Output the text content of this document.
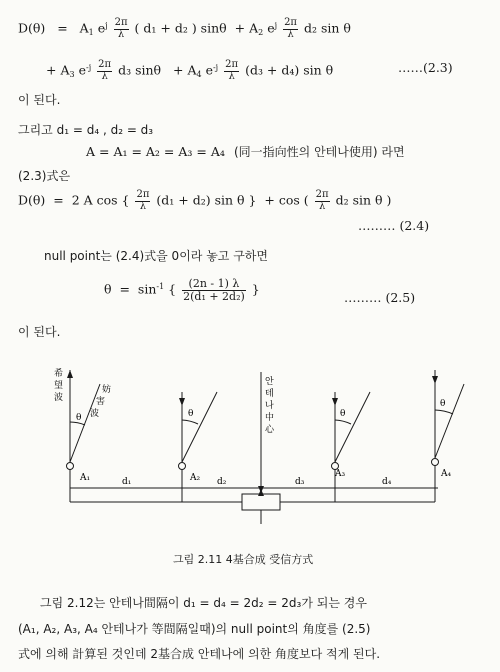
D(θ) = A1 $e^j \frac{2\pi}{\lambda}$ ( d₁ + d₂ ) sinθ + A2 $e^j \frac{2\pi}{\lambda} d_2$ sin θ
+ A3 $e^{-j} \frac{2\pi}{\lambda} d_3$ sinθ + A4 $e^{-j} \frac{2\pi}{\lambda} (d_3 + d_4)$ sin θ	……(2.3)
이 된다.
그리고 d₁ = d₄ , d₂ = d₃
A = A₁ = A₂ = A₃ = A₄ (同一指向性의 안테나使用) 라면
(2.3)式은
D(θ) = 2 A cos { $\frac{2\pi}{\lambda} (d_1 + d_2)$ sin θ } + cos ( $\frac{2\pi}{\lambda} d_2$ sin θ )
……… (2.4)
null point는 (2.4)式을 0이라 놓고 구하면
$\theta = \sin^{-1}$ { $\frac{(2n - 1) \lambda}{\text{2(d₁ + 2d₂)}}$ }
……… (2.5)
이 된다.
希
望
波
妨
害
波
θ	θ	θ
θ
안
테
나
中
心
A₁	A₂	A₃	A₄
d₁	d₂	d₃	d₄
그림 2.11 4基合成 受信方式
그림 2.12는 안테나間隔이 d₁ = d₄ = 2d₂ = 2d₃가 되는 경우
(A₁, A₂, A₃, A₄ 안테나가 等間隔일때)의 null point의 角度를 (2.5)
式에 의해 計算된 것인데 2基合成 안테나에 의한 角度보다 적게 된다.
